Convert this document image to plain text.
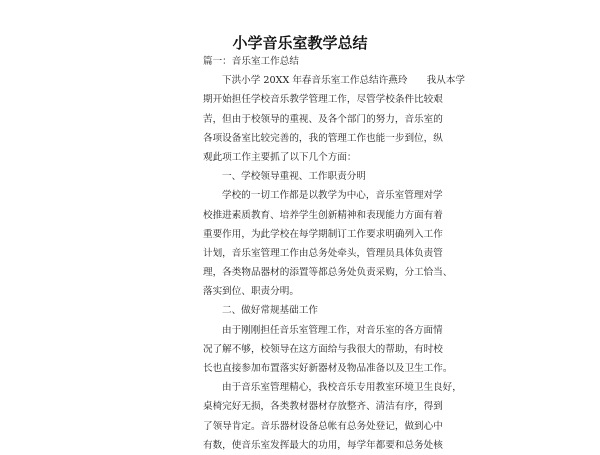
小学音乐室教学总结
篇一：音乐室工作总结
下洪小学 20XX 年春音乐室工作总结许燕玲　　我从本学
期开始担任学校音乐教学管理工作，尽管学校条件比较艰
苦，但由于校领导的重视、及各个部门的努力，音乐室的
各项设备室比较完善的，我的管理工作也能一步到位，纵
观此项工作主要抓了以下几个方面：
一、学校领导重视、工作职责分明
学校的一切工作都是以教学为中心，音乐室管理对学
校推进素质教育、培养学生创新精神和表现能力方面有着
重要作用，为此学校在每学期制订工作要求明确列入工作
计划，音乐室管理工作由总务处牵头，管理员具体负责管
理，各类物品器材的添置等都总务处负责采购，分工恰当、
落实到位、职责分明。
二、做好常规基础工作
由于刚刚担任音乐室管理工作，对音乐室的各方面情
况了解不够，校领导在这方面给与我很大的帮助，有时校
长也直接参加布置落实好新器材及物品准备以及卫生工作。
由于音乐室管理精心，我校音乐专用教室环境卫生良好，
桌椅完好无损，各类教材器材存放整齐、清洁有序，得到
了领导肯定。音乐器材设备总帐有总务处登记，做到心中
有数，使音乐室发挥最大的功用，每学年都要和总务处核
